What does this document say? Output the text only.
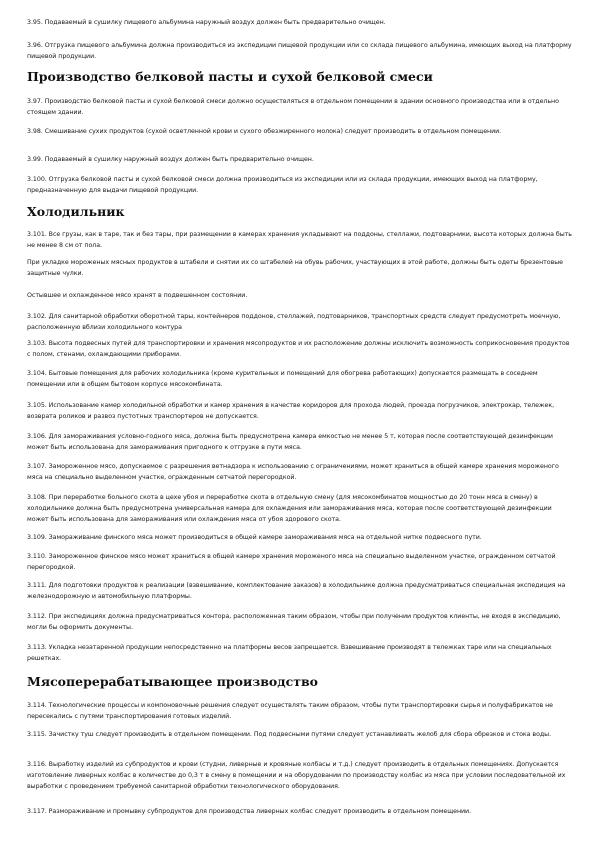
3.95. Подаваемый в сушилку пищевого альбумина наружный воздух должен быть предварительно очищен.

3.96. Отгрузка пищевого альбумина должна производиться из экспедиции пищевой продукции или со склада пищевого альбумина, имеющих выход на платформу пищевой продукции.

Производство белковой пасты и сухой белковой смеси

3.97. Производство белковой пасты и сухой белковой смеси должно осуществляться в отдельном помещении в здании основного производства или в отдельно стоящем здании.

3.98. Смешивание сухих продуктов (сухой осветленной крови и сухого обезжиренного молока) следует производить в отдельном помещении.

3.99. Подаваемый в сушилку наружный воздух должен быть предварительно очищен.

3.100. Отгрузка белковой пасты и сухой белковой смеси должна производиться из экспедиции или из склада продукции, имеющих выход на платформу, предназначенную для выдачи пищевой продукции.

Холодильник

3.101. Все грузы, как в таре, так и без тары, при размещении в камерах хранения укладывают на поддоны, стеллажи, подтоварники, высота которых должна быть не менее 8 см от пола.

При укладке мороженых мясных продуктов в штабели и снятии их со штабелей на обувь рабочих, участвующих в этой работе, должны быть одеты брезентовые защитные чулки.

Остывшее и охлажденное мясо хранят в подвешенном состоянии.

3.102. Для санитарной обработки оборотной тары, контейнеров поддонов, стеллажей, подтоварников, транспортных средств следует предусмотреть моечную, расположенную вблизи холодильного контура

3.103. Высота подвесных путей для транспортировки и хранения мясопродуктов и их расположение должны исключить возможность соприкосновения продуктов с полом, стенами, охлаждающими приборами.

3.104. Бытовые помещения для рабочих холодильника (кроме курительных и помещений для обогрева работающих) допускается размещать в соседнем помещении или в общем бытовом корпусе мясокомбината.

3.105. Использование камер холодильной обработки и камер хранения в качестве коридоров для прохода людей, проезда погрузчиков, электрокар, тележек, возврата роликов и развоз пустотных транспортеров не допускается.

3.106. Для замораживания условно-годного мяса, должна быть предусмотрена камера емкостью не менее 5 т, которая после соответствующей дезинфекции может быть использована для замораживания пригодного к отгрузке в пути мяса.

3.107. Замороженное мясо, допускаемое с разрешения ветнадзора к использованию с ограничениями, может храниться в общей камере хранения мороженого мяса на специально выделенном участке, огражденным сетчатой перегородкой.

3.108. При переработке больного скота в цехе убоя и переработке скота в отдельную смену (для мясокомбинатов мощностью до 20 тонн мяса в смену) в холодильнике должна быть предусмотрена универсальная камера для охлаждения или замораживания мяса, которая после соответствующей дезинфекции может быть использована для замораживания или охлаждения мяса от убоя здорового скота.

3.109. Замораживание финского мяса может производиться в общей камере замораживания мяса на отдельной нитке подвесного пути.

3.110. Замороженное финское мясо может храниться в общей камере хранения мороженого мяса на специально выделенном участке, огражденном сетчатой перегородкой.

3.111. Для подготовки продуктов к реализации (взвешивание, комплектование заказов) в холодильнике должна предусматриваться специальная экспедиция на железнодорожную и автомобильную платформы.

3.112. При экспедициях должна предусматриваться контора, расположенная таким образом, чтобы при получении продуктов клиенты, не входя в экспедицию, могли бы оформить документы.

3.113. Укладка незатаренной продукции непосредственно на платформы весов запрещается. Взвешивание производят в тележках таре или на специальных решетках.

Мясоперерабатывающее производство

3.114. Технологические процессы и компоновочные решения следует осуществлять таким образом, чтобы пути транспортировки сырья и полуфабрикатов не пересекались с путями транспортирования готовых изделий.

3.115. Зачистку туш следует производить в отдельном помещении. Под подвесными путями следует устанавливать желоб для сбора обрезков и стока воды.

3.116. Выработку изделий из субпродуктов и крови (студни, ливерные и кровяные колбасы и т.д.) следует производить в отдельных помещениях. Допускается изготовление ливерных колбас в количестве до 0,3 т в смену в помещении и на оборудовании по производству колбас из мяса при условии последовательной их выработки с проведением требуемой санитарной обработки технологического оборудования.

3.117. Размораживание и промывку субпродуктов для производства ливерных колбас следует производить в отдельном помещении.
